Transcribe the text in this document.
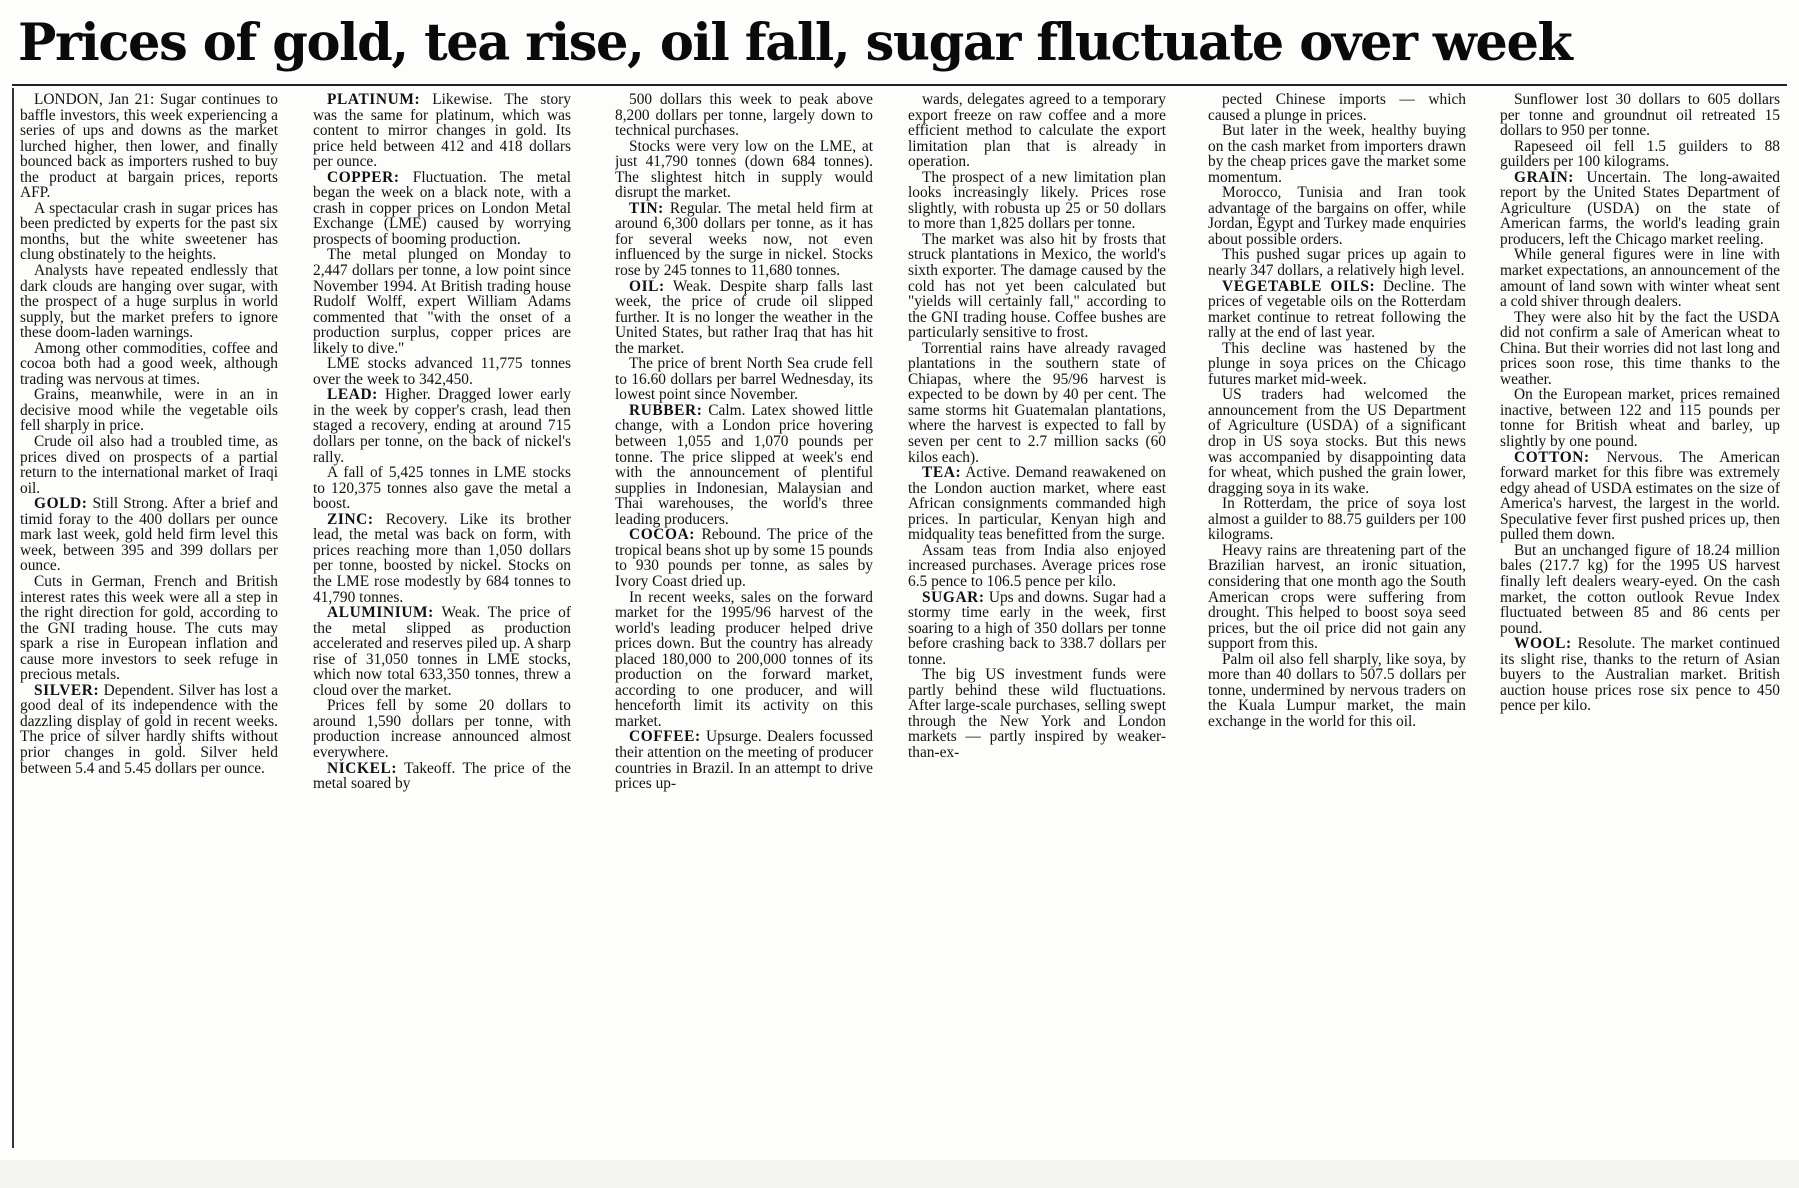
Prices of gold, tea rise, oil fall, sugar fluctuate over week

LONDON, Jan 21: Sugar continues to baffle investors, this week experiencing a series of ups and downs as the market lurched higher, then lower, and finally bounced back as importers rushed to buy the product at bargain prices, reports AFP.

A spectacular crash in sugar prices has been predicted by experts for the past six months, but the white sweetener has clung obstinately to the heights.

Analysts have repeated endlessly that dark clouds are hanging over sugar, with the prospect of a huge surplus in world supply, but the market prefers to ignore these doom-laden warnings.

Among other commodities, coffee and cocoa both had a good week, although trading was nervous at times.

Grains, meanwhile, were in an in decisive mood while the vegetable oils fell sharply in price.

Crude oil also had a troubled time, as prices dived on prospects of a partial return to the international market of Iraqi oil.

GOLD: Still Strong. After a brief and timid foray to the 400 dollars per ounce mark last week, gold held firm level this week, between 395 and 399 dollars per ounce.

Cuts in German, French and British interest rates this week were all a step in the right direction for gold, according to the GNI trading house. The cuts may spark a rise in European inflation and cause more investors to seek refuge in precious metals.

SILVER: Dependent. Silver has lost a good deal of its independence with the dazzling display of gold in recent weeks. The price of silver hardly shifts without prior changes in gold. Silver held between 5.4 and 5.45 dollars per ounce.

PLATINUM: Likewise. The story was the same for platinum, which was content to mirror changes in gold. Its price held between 412 and 418 dollars per ounce.

COPPER: Fluctuation. The metal began the week on a black note, with a crash in copper prices on London Metal Exchange (LME) caused by worrying prospects of booming production.

The metal plunged on Monday to 2,447 dollars per tonne, a low point since November 1994. At British trading house Rudolf Wolff, expert William Adams commented that "with the onset of a production surplus, copper prices are likely to dive."

LME stocks advanced 11,775 tonnes over the week to 342,450.

LEAD: Higher. Dragged lower early in the week by copper's crash, lead then staged a recovery, ending at around 715 dollars per tonne, on the back of nickel's rally.

A fall of 5,425 tonnes in LME stocks to 120,375 tonnes also gave the metal a boost.

ZINC: Recovery. Like its brother lead, the metal was back on form, with prices reaching more than 1,050 dollars per tonne, boosted by nickel. Stocks on the LME rose modestly by 684 tonnes to 41,790 tonnes.

ALUMINIUM: Weak. The price of the metal slipped as production accelerated and reserves piled up. A sharp rise of 31,050 tonnes in LME stocks, which now total 633,350 tonnes, threw a cloud over the market.

Prices fell by some 20 dollars to around 1,590 dollars per tonne, with production increase announced almost everywhere.

NICKEL: Takeoff. The price of the metal soared by

500 dollars this week to peak above 8,200 dollars per tonne, largely down to technical purchases.

Stocks were very low on the LME, at just 41,790 tonnes (down 684 tonnes). The slightest hitch in supply would disrupt the market.

TIN: Regular. The metal held firm at around 6,300 dollars per tonne, as it has for several weeks now, not even influenced by the surge in nickel. Stocks rose by 245 tonnes to 11,680 tonnes.

OIL: Weak. Despite sharp falls last week, the price of crude oil slipped further. It is no longer the weather in the United States, but rather Iraq that has hit the market.

The price of brent North Sea crude fell to 16.60 dollars per barrel Wednesday, its lowest point since November.

RUBBER: Calm. Latex showed little change, with a London price hovering between 1,055 and 1,070 pounds per tonne. The price slipped at week's end with the announcement of plentiful supplies in Indonesian, Malaysian and Thai warehouses, the world's three leading producers.

COCOA: Rebound. The price of the tropical beans shot up by some 15 pounds to 930 pounds per tonne, as sales by Ivory Coast dried up.

In recent weeks, sales on the forward market for the 1995/96 harvest of the world's leading producer helped drive prices down. But the country has already placed 180,000 to 200,000 tonnes of its production on the forward market, according to one producer, and will henceforth limit its activity on this market.

COFFEE: Upsurge. Dealers focussed their attention on the meeting of producer countries in Brazil. In an attempt to drive prices up-

wards, delegates agreed to a temporary export freeze on raw coffee and a more efficient method to calculate the export limitation plan that is already in operation.

The prospect of a new limitation plan looks increasingly likely. Prices rose slightly, with robusta up 25 or 50 dollars to more than 1,825 dollars per tonne.

The market was also hit by frosts that struck plantations in Mexico, the world's sixth exporter. The damage caused by the cold has not yet been calculated but "yields will certainly fall," according to the GNI trading house. Coffee bushes are particularly sensitive to frost.

Torrential rains have already ravaged plantations in the southern state of Chiapas, where the 95/96 harvest is expected to be down by 40 per cent. The same storms hit Guatemalan plantations, where the harvest is expected to fall by seven per cent to 2.7 million sacks (60 kilos each).

TEA: Active. Demand reawakened on the London auction market, where east African consignments commanded high prices. In particular, Kenyan high and midquality teas benefitted from the surge.

Assam teas from India also enjoyed increased purchases. Average prices rose 6.5 pence to 106.5 pence per kilo.

SUGAR: Ups and downs. Sugar had a stormy time early in the week, first soaring to a high of 350 dollars per tonne before crashing back to 338.7 dollars per tonne.

The big US investment funds were partly behind these wild fluctuations. After large-scale purchases, selling swept through the New York and London markets — partly inspired by weaker-than-ex-

pected Chinese imports — which caused a plunge in prices.

But later in the week, healthy buying on the cash market from importers drawn by the cheap prices gave the market some momentum.

Morocco, Tunisia and Iran took advantage of the bargains on offer, while Jordan, Egypt and Turkey made enquiries about possible orders.

This pushed sugar prices up again to nearly 347 dollars, a relatively high level.

VEGETABLE OILS: Decline. The prices of vegetable oils on the Rotterdam market continue to retreat following the rally at the end of last year.

This decline was hastened by the plunge in soya prices on the Chicago futures market mid-week.

US traders had welcomed the announcement from the US Department of Agriculture (USDA) of a significant drop in US soya stocks. But this news was accompanied by disappointing data for wheat, which pushed the grain lower, dragging soya in its wake.

In Rotterdam, the price of soya lost almost a guilder to 88.75 guilders per 100 kilograms.

Heavy rains are threatening part of the Brazilian harvest, an ironic situation, considering that one month ago the South American crops were suffering from drought. This helped to boost soya seed prices, but the oil price did not gain any support from this.

Palm oil also fell sharply, like soya, by more than 40 dollars to 507.5 dollars per tonne, undermined by nervous traders on the Kuala Lumpur market, the main exchange in the world for this oil.

Sunflower lost 30 dollars to 605 dollars per tonne and groundnut oil retreated 15 dollars to 950 per tonne.

Rapeseed oil fell 1.5 guilders to 88 guilders per 100 kilograms.

GRAIN: Uncertain. The long-awaited report by the United States Department of Agriculture (USDA) on the state of American farms, the world's leading grain producers, left the Chicago market reeling.

While general figures were in line with market expectations, an announcement of the amount of land sown with winter wheat sent a cold shiver through dealers.

They were also hit by the fact the USDA did not confirm a sale of American wheat to China. But their worries did not last long and prices soon rose, this time thanks to the weather.

On the European market, prices remained inactive, between 122 and 115 pounds per tonne for British wheat and barley, up slightly by one pound.

COTTON: Nervous. The American forward market for this fibre was extremely edgy ahead of USDA estimates on the size of America's harvest, the largest in the world. Speculative fever first pushed prices up, then pulled them down.

But an unchanged figure of 18.24 million bales (217.7 kg) for the 1995 US harvest finally left dealers weary-eyed. On the cash market, the cotton outlook Revue Index fluctuated between 85 and 86 cents per pound.

WOOL: Resolute. The market continued its slight rise, thanks to the return of Asian buyers to the Australian market. British auction house prices rose six pence to 450 pence per kilo.
